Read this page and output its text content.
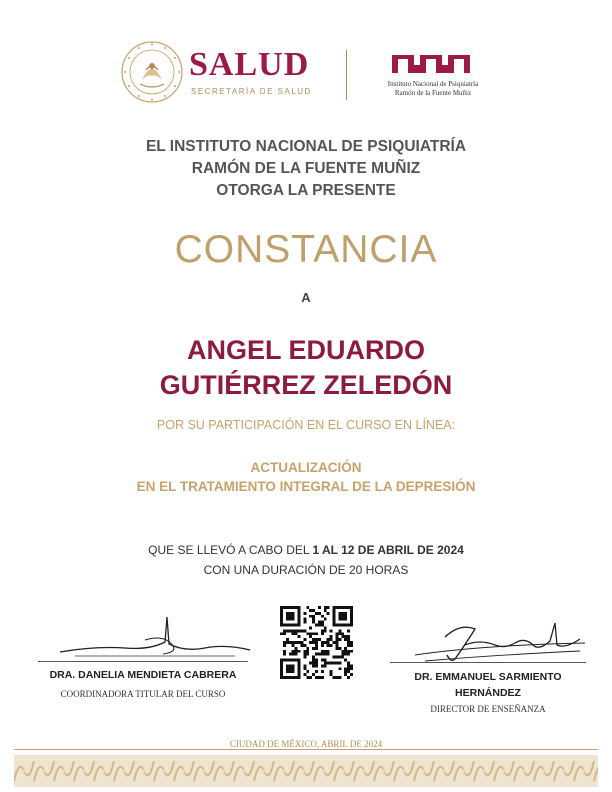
SALUD
SECRETARÍA DE SALUD
Instituto Nacional de Psiquiatría
Ramón de la Fuente Muñiz
EL INSTITUTO NACIONAL DE PSIQUIATRÍA
RAMÓN DE LA FUENTE MUÑIZ
OTORGA LA PRESENTE
CONSTANCIA
A
ANGEL EDUARDO
GUTIÉRREZ ZELEDÓN
POR SU PARTICIPACIÓN EN EL CURSO EN LÍNEA:
ACTUALIZACIÓN
EN EL TRATAMIENTO INTEGRAL DE LA DEPRESIÓN
QUE SE LLEVÓ A CABO DEL 1 AL 12 DE ABRIL DE 2024
CON UNA DURACIÓN DE 20 HORAS
DRA. DANELIA MENDIETA CABRERA
COORDINADORA TITULAR DEL CURSO
DR. EMMANUEL SARMIENTO
HERNÁNDEZ
DIRECTOR DE ENSEÑANZA
CIUDAD DE MÉXICO, ABRIL DE 2024
